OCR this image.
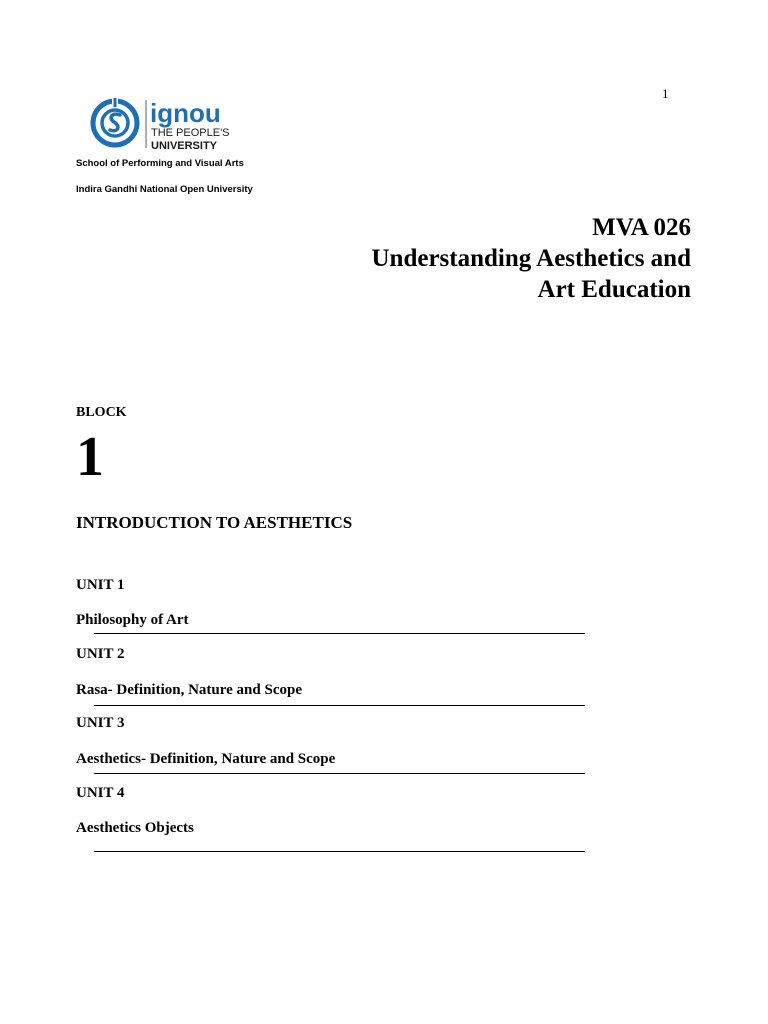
1
ignou
THE PEOPLE'S
UNIVERSITY
School of Performing and Visual Arts
Indira Gandhi National Open University
MVA 026
Understanding Aesthetics and
Art Education
BLOCK
1
INTRODUCTION TO AESTHETICS
UNIT 1
Philosophy of Art
UNIT 2
Rasa- Definition, Nature and Scope
UNIT 3
Aesthetics- Definition, Nature and Scope
UNIT 4
Aesthetics Objects
